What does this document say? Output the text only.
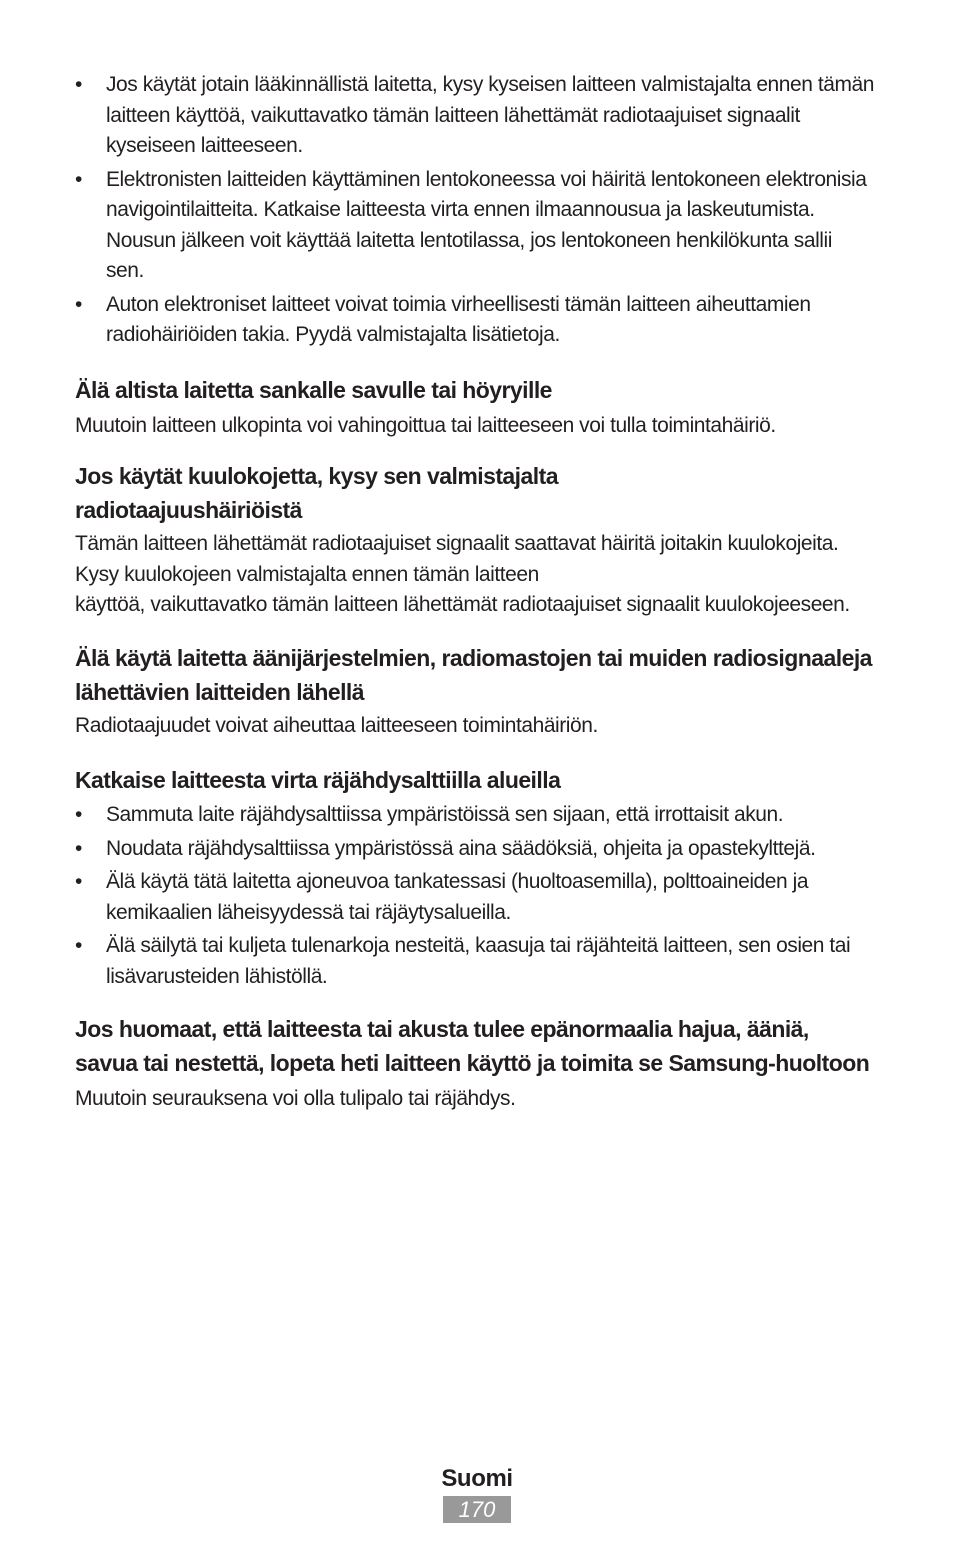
• Jos käytät jotain lääkinnällistä laitetta, kysy kyseisen laitteen valmistajalta ennen tämän laitteen käyttöä, vaikuttavatko tämän laitteen lähettämät radiotaajuiset signaalit kyseiseen laitteeseen.
• Elektronisten laitteiden käyttäminen lentokoneessa voi häiritä lentokoneen elektronisia navigointilaitteita. Katkaise laitteesta virta ennen ilmaannousua ja laskeutumista. Nousun jälkeen voit käyttää laitetta lentotilassa, jos lentokoneen henkilökunta sallii sen.
• Auton elektroniset laitteet voivat toimia virheellisesti tämän laitteen aiheuttamien radiohäiriöiden takia. Pyydä valmistajalta lisätietoja.
Älä altista laitetta sankalle savulle tai höyryille

Muutoin laitteen ulkopinta voi vahingoittua tai laitteeseen voi tulla toimintahäiriö.

Jos käytät kuulokojetta, kysy sen valmistajalta
radiotaajuushäiriöistä

Tämän laitteen lähettämät radiotaajuiset signaalit saattavat häiritä joitakin kuulokojeita. Kysy kuulokojeen valmistajalta ennen tämän laitteen
käyttöä, vaikuttavatko tämän laitteen lähettämät radiotaajuiset signaalit kuulokojeeseen.

Älä käytä laitetta äänijärjestelmien, radiomastojen tai muiden radiosignaaleja lähettävien laitteiden lähellä

Radiotaajuudet voivat aiheuttaa laitteeseen toimintahäiriön.

Katkaise laitteesta virta räjähdysalttiilla alueilla
• Sammuta laite räjähdysalttiissa ympäristöissä sen sijaan, että irrottaisit akun.
• Noudata räjähdysalttiissa ympäristössä aina säädöksiä, ohjeita ja opastekylttejä.
• Älä käytä tätä laitetta ajoneuvoa tankatessasi (huoltoasemilla), polttoaineiden ja kemikaalien läheisyydessä tai räjäytysalueilla.
• Älä säilytä tai kuljeta tulenarkoja nesteitä, kaasuja tai räjähteitä laitteen, sen osien tai lisävarusteiden lähistöllä.
Jos huomaat, että laitteesta tai akusta tulee epänormaalia hajua, ääniä, savua tai nestettä, lopeta heti laitteen käyttö ja toimita se Samsung-huoltoon

Muutoin seurauksena voi olla tulipalo tai räjähdys.

Suomi
170
